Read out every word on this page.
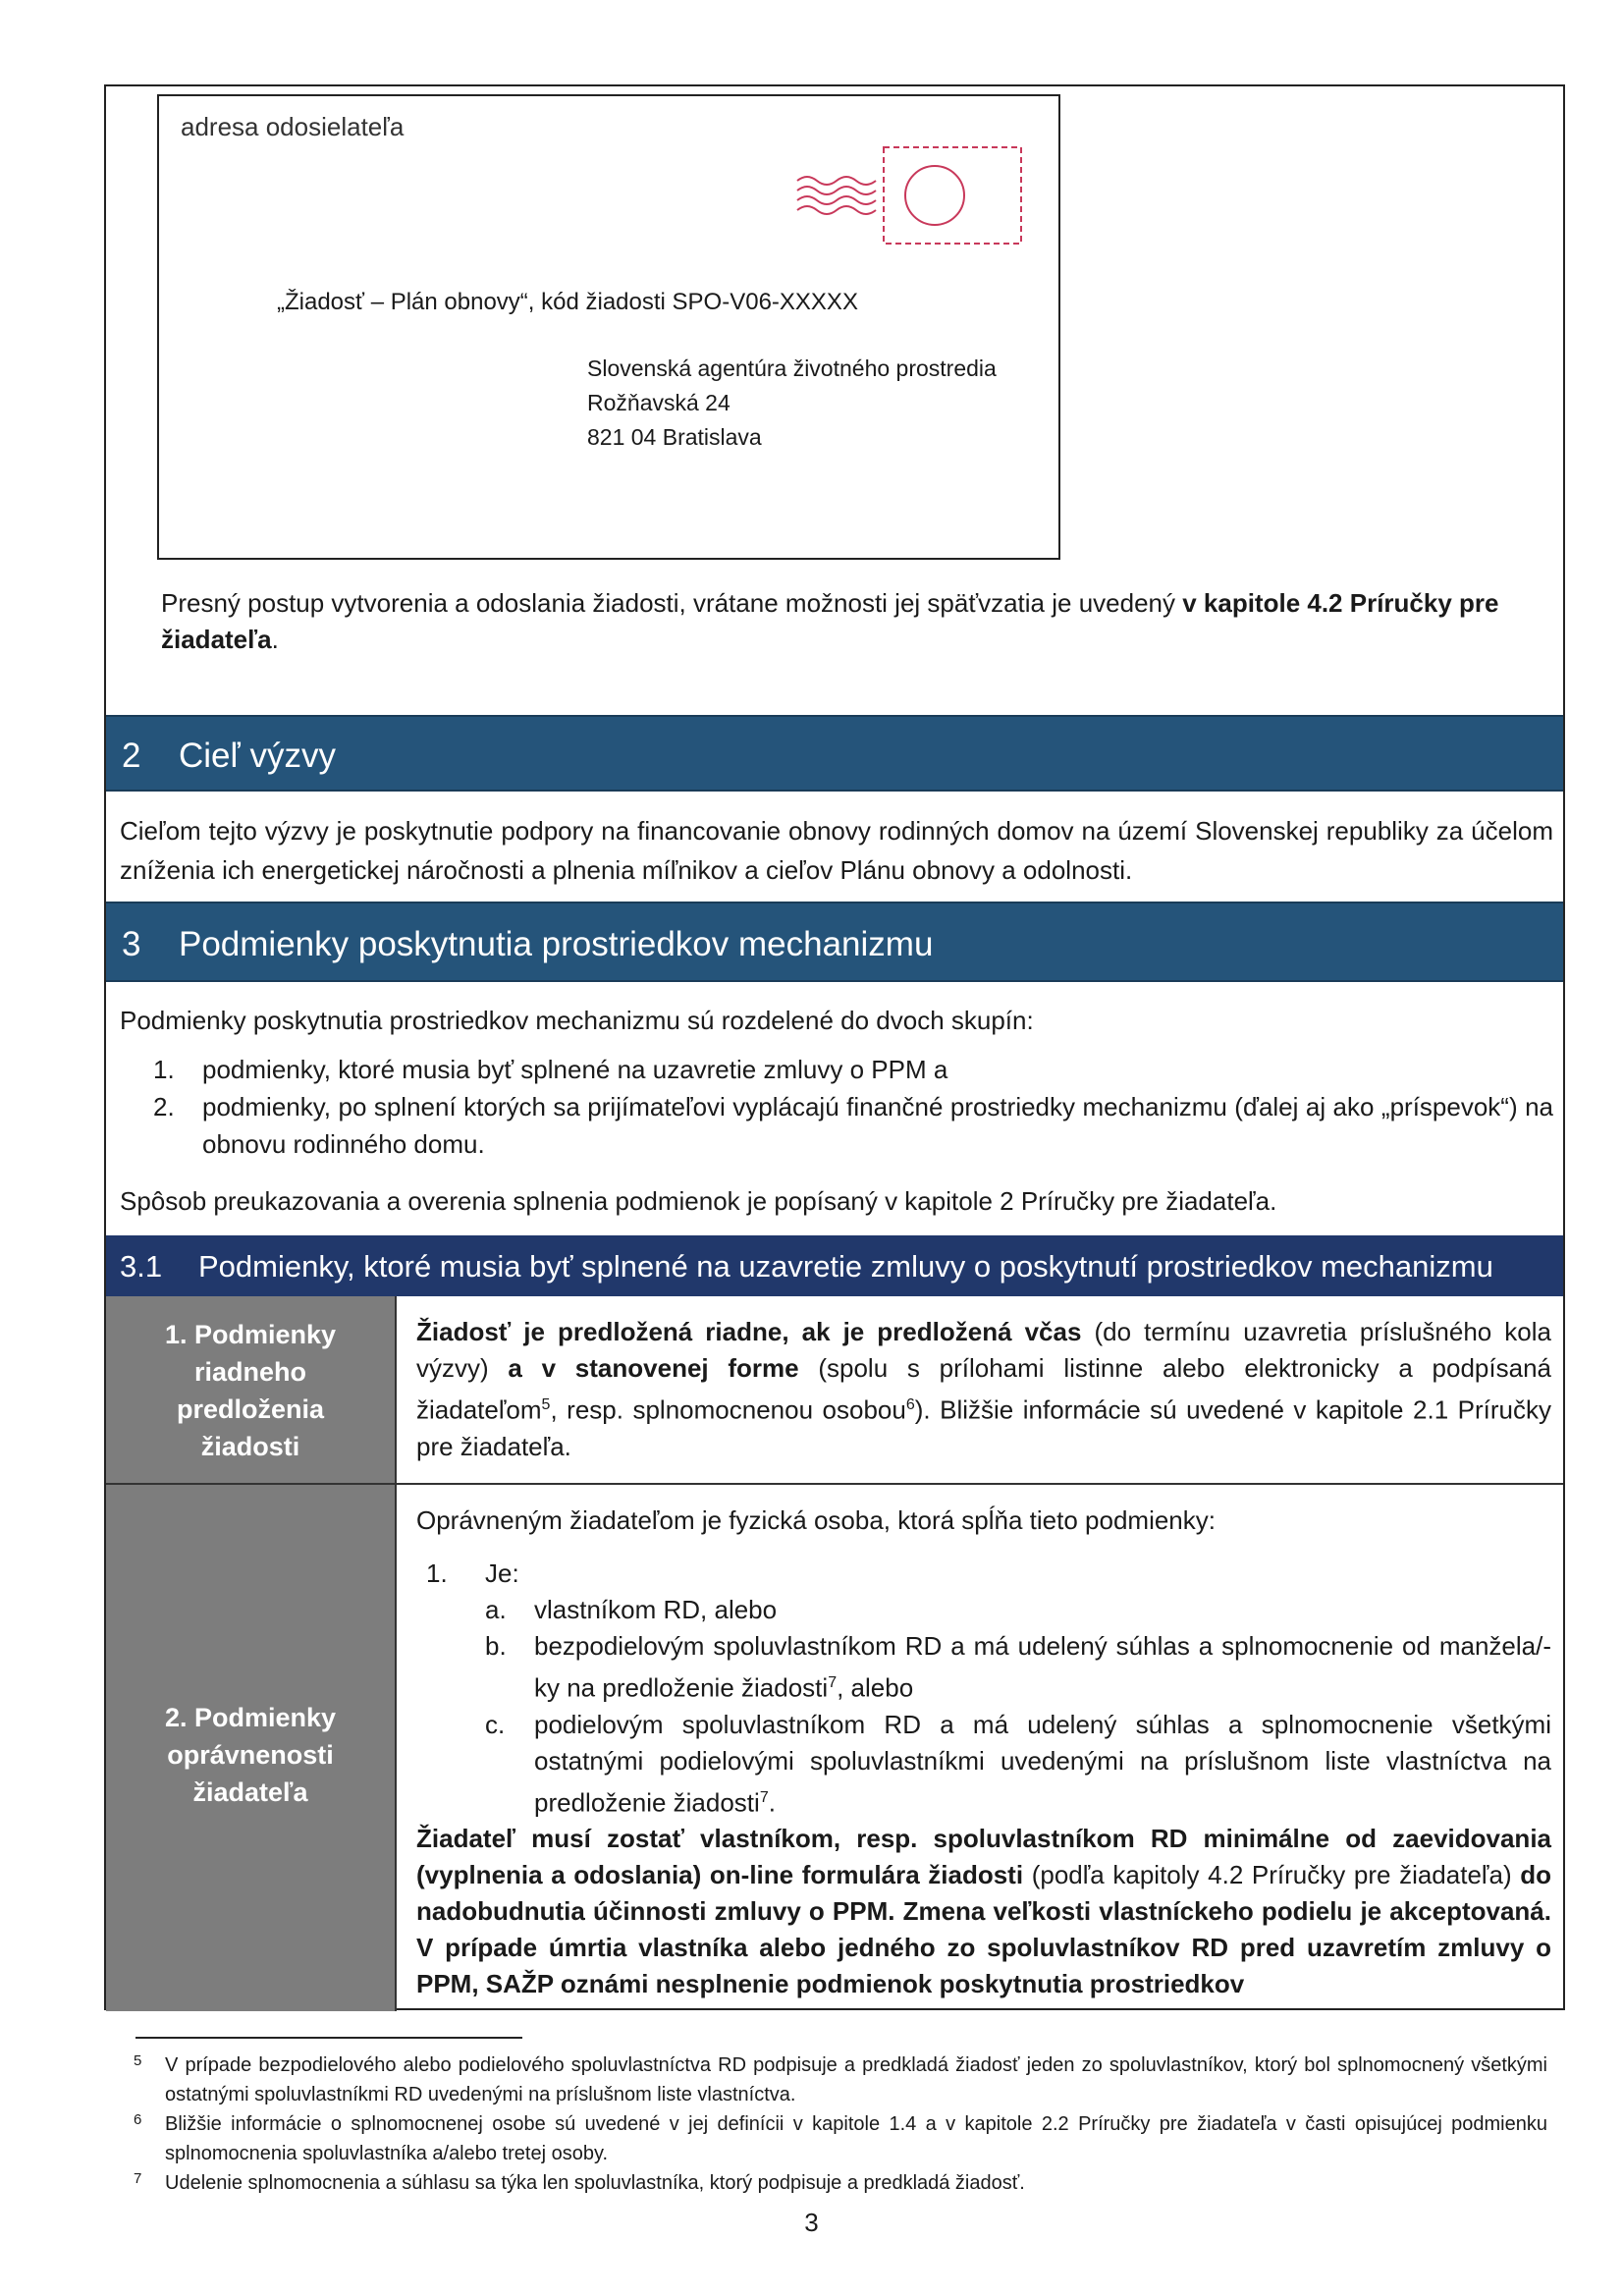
adresa odosielateľa
„Žiadosť – Plán obnovy“, kód žiadosti SPO-V06-XXXXX
Slovenská agentúra životného prostredia
Rožňavská 24
821 04 Bratislava
Presný postup vytvorenia a odoslania žiadosti, vrátane možnosti jej späťvzatia je uvedený v kapitole 4.2 Príručky pre žiadateľa.
2 Cieľ výzvy
Cieľom tejto výzvy je poskytnutie podpory na financovanie obnovy rodinných domov na území Slovenskej republiky za účelom zníženia ich energetickej náročnosti a plnenia míľnikov a cieľov Plánu obnovy a odolnosti.
3 Podmienky poskytnutia prostriedkov mechanizmu
Podmienky poskytnutia prostriedkov mechanizmu sú rozdelené do dvoch skupín:
1. podmienky, ktoré musia byť splnené na uzavretie zmluvy o PPM a
2. podmienky, po splnení ktorých sa prijímateľovi vyplácajú finančné prostriedky mechanizmu (ďalej aj ako „príspevok“) na obnovu rodinného domu.
Spôsob preukazovania a overenia splnenia podmienok je popísaný v kapitole 2 Príručky pre žiadateľa.
3.1 Podmienky, ktoré musia byť splnené na uzavretie zmluvy o poskytnutí prostriedkov mechanizmu
1. Podmienky
riadneho
predloženia
žiadosti
Žiadosť je predložená riadne, ak je predložená včas (do termínu uzavretia príslušného kola výzvy) a v stanovenej forme (spolu s prílohami listinne alebo elektronicky a podpísaná žiadateľom$^5$, resp. splnomocnenou osobou$^6$). Bližšie informácie sú uvedené v kapitole 2.1 Príručky pre žiadateľa.
2. Podmienky
oprávnenosti
žiadateľa
Oprávneným žiadateľom je fyzická osoba, ktorá spĺňa tieto podmienky:
1. Je:
a. vlastníkom RD, alebo
b. bezpodielovým spoluvlastníkom RD a má udelený súhlas a splnomocnenie od manžela/-ky na predloženie žiadosti$^7$, alebo
c. podielovým spoluvlastníkom RD a má udelený súhlas a splnomocnenie všetkými ostatnými podielovými spoluvlastníkmi uvedenými na príslušnom liste vlastníctva na predloženie žiadosti$^7$.
Žiadateľ musí zostať vlastníkom, resp. spoluvlastníkom RD minimálne od zaevidovania (vyplnenia a odoslania) on-line formulára žiadosti (podľa kapitoly 4.2 Príručky pre žiadateľa) do nadobudnutia účinnosti zmluvy o PPM. Zmena veľkosti vlastníckeho podielu je akceptovaná. V prípade úmrtia vlastníka alebo jedného zo spoluvlastníkov RD pred uzavretím zmluvy o PPM, SAŽP oznámi nesplnenie podmienok poskytnutia prostriedkov
5 V prípade bezpodielového alebo podielového spoluvlastníctva RD podpisuje a predkladá žiadosť jeden zo spoluvlastníkov, ktorý bol splnomocnený všetkými ostatnými spoluvlastníkmi RD uvedenými na príslušnom liste vlastníctva.
6 Bližšie informácie o splnomocnenej osobe sú uvedené v jej definícii v kapitole 1.4 a v kapitole 2.2 Príručky pre žiadateľa v časti opisujúcej podmienku splnomocnenia spoluvlastníka a/alebo tretej osoby.
7 Udelenie splnomocnenia a súhlasu sa týka len spoluvlastníka, ktorý podpisuje a predkladá žiadosť.
3
